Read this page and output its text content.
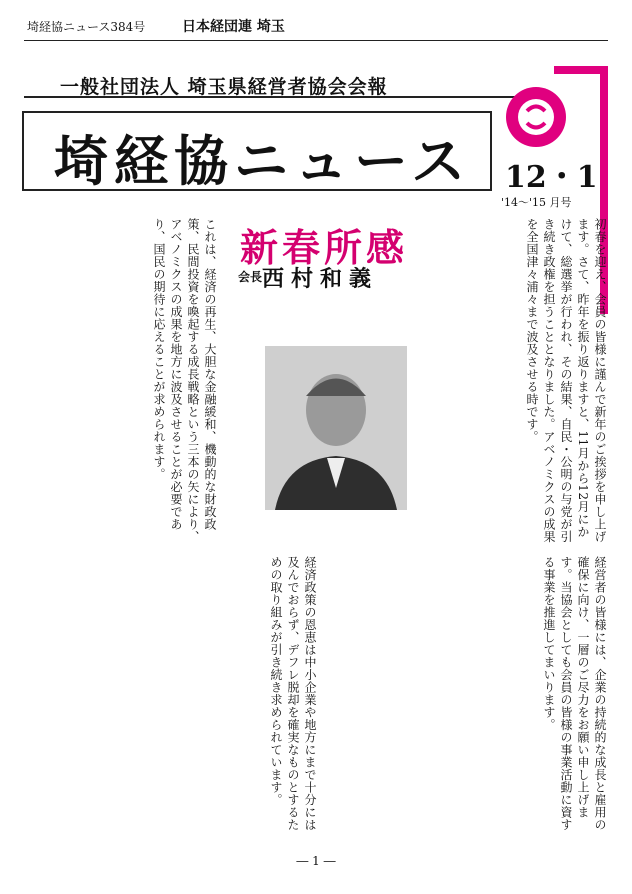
埼経協ニュース384号	日本経団連 埼玉
一般社団法人 埼玉県経営者協会会報
埼経協ニュース 12・1
'14～'15 月号
新春所感
会長 西村和義	初春を迎え、会員の皆様に謹んで新年のご挨拶を申し上げます。さて、昨年を振り返りますと、11月から12月にかけて、総選挙が行われ、その結果、自民・公明の与党が引き続き政権を担うこととなりました。アベノミクスの成果を全国津々浦々まで波及させる時です。
これは、経済の再生、大胆な金融緩和、機動的な財政政策、民間投資を喚起する成長戦略という三本の矢により、アベノミクスの成果を地方に波及させることが必要であり、国民の期待に応えることが求められます。
経済政策の恩恵は中小企業や地方にまで十分には及んでおらず、デフレ脱却を確実なものとするための取り組みが引き続き求められています。	経営者の皆様には、企業の持続的な成長と雇用の確保に向け、一層のご尽力をお願い申し上げます。当協会としても会員の皆様の事業活動に資する事業を推進してまいります。
― 1 ―
